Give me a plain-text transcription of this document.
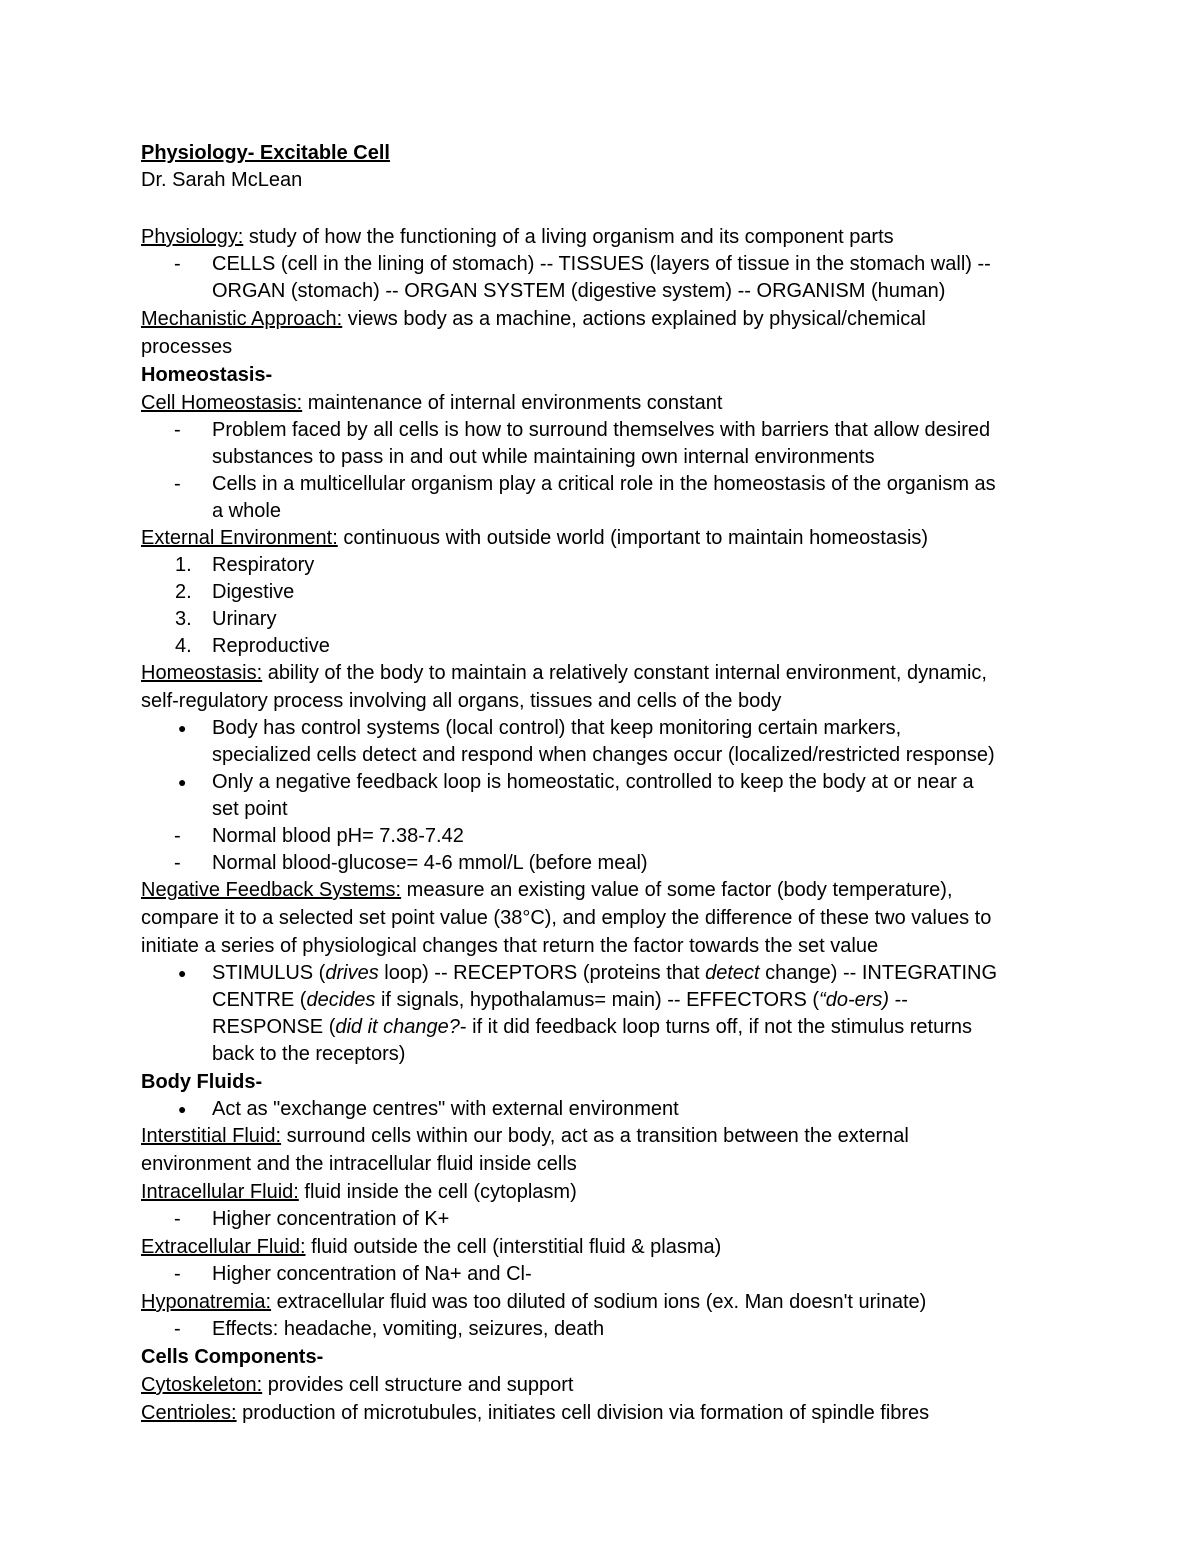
Physiology- Excitable Cell
Dr. Sarah McLean
Physiology: study of how the functioning of a living organism and its component parts
- CELLS (cell in the lining of stomach) -- TISSUES (layers of tissue in the stomach wall) --
ORGAN (stomach) -- ORGAN SYSTEM (digestive system) -- ORGANISM (human)
Mechanistic Approach: views body as a machine, actions explained by physical/chemical
processes
Homeostasis-
Cell Homeostasis: maintenance of internal environments constant
- Problem faced by all cells is how to surround themselves with barriers that allow desired
substances to pass in and out while maintaining own internal environments
- Cells in a multicellular organism play a critical role in the homeostasis of the organism as
a whole
External Environment: continuous with outside world (important to maintain homeostasis)
1. Respiratory
2. Digestive
3. Urinary
4. Reproductive
Homeostasis: ability of the body to maintain a relatively constant internal environment, dynamic,
self-regulatory process involving all organs, tissues and cells of the body
● Body has control systems (local control) that keep monitoring certain markers,
specialized cells detect and respond when changes occur (localized/restricted response)
● Only a negative feedback loop is homeostatic, controlled to keep the body at or near a
set point
- Normal blood pH= 7.38-7.42
- Normal blood-glucose= 4-6 mmol/L (before meal)
Negative Feedback Systems: measure an existing value of some factor (body temperature),
compare it to a selected set point value (38°C), and employ the difference of these two values to
initiate a series of physiological changes that return the factor towards the set value
● STIMULUS (drives loop) -- RECEPTORS (proteins that detect change) -- INTEGRATING
CENTRE (decides if signals, hypothalamus= main) -- EFFECTORS (“do-ers) --
RESPONSE (did it change?- if it did feedback loop turns off, if not the stimulus returns
back to the receptors)
Body Fluids-
● Act as "exchange centres" with external environment
Interstitial Fluid: surround cells within our body, act as a transition between the external
environment and the intracellular fluid inside cells
Intracellular Fluid: fluid inside the cell (cytoplasm)
- Higher concentration of K+
Extracellular Fluid: fluid outside the cell (interstitial fluid & plasma)
- Higher concentration of Na+ and Cl-
Hyponatremia: extracellular fluid was too diluted of sodium ions (ex. Man doesn't urinate)
- Effects: headache, vomiting, seizures, death
Cells Components-
Cytoskeleton: provides cell structure and support
Centrioles: production of microtubules, initiates cell division via formation of spindle fibres
